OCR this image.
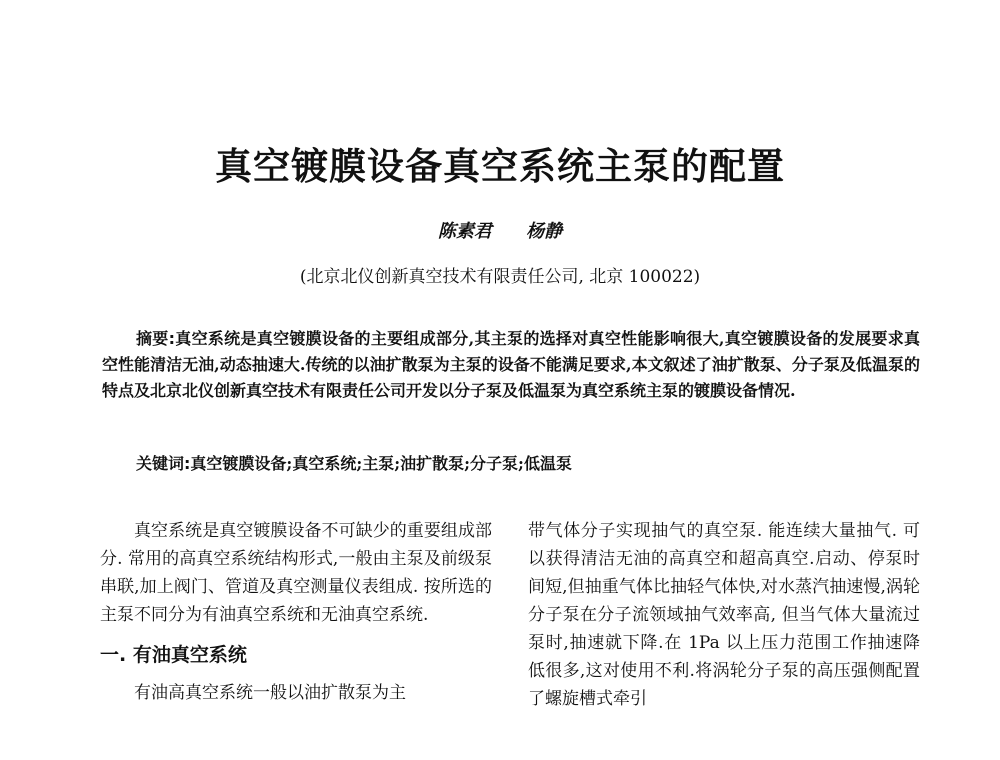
真空镀膜设备真空系统主泵的配置
陈素君 杨静
(北京北仪创新真空技术有限责任公司, 北京 100022)

摘要:真空系统是真空镀膜设备的主要组成部分,其主泵的选择对真空性能影响很大,真空镀膜设备的发展要求真空性能清洁无油,动态抽速大.传统的以油扩散泵为主泵的设备不能满足要求,本文叙述了油扩散泵、分子泵及低温泵的特点及北京北仪创新真空技术有限责任公司开发以分子泵及低温泵为真空系统主泵的镀膜设备情况.

关键词:真空镀膜设备;真空系统;主泵;油扩散泵;分子泵;低温泵

真空系统是真空镀膜设备不可缺少的重要组成部分. 常用的高真空系统结构形式,一般由主泵及前级泵串联,加上阀门、管道及真空测量仪表组成. 按所选的主泵不同分为有油真空系统和无油真空系统.

一. 有油真空系统

有油高真空系统一般以油扩散泵为主

带气体分子实现抽气的真空泵. 能连续大量抽气. 可以获得清洁无油的高真空和超高真空.启动、停泵时间短,但抽重气体比抽轻气体快,对水蒸汽抽速慢,涡轮分子泵在分子流领域抽气效率高, 但当气体大量流过泵时,抽速就下降.在 1Pa 以上压力范围工作抽速降低很多,这对使用不利.将涡轮分子泵的高压强侧配置了螺旋槽式牵引
